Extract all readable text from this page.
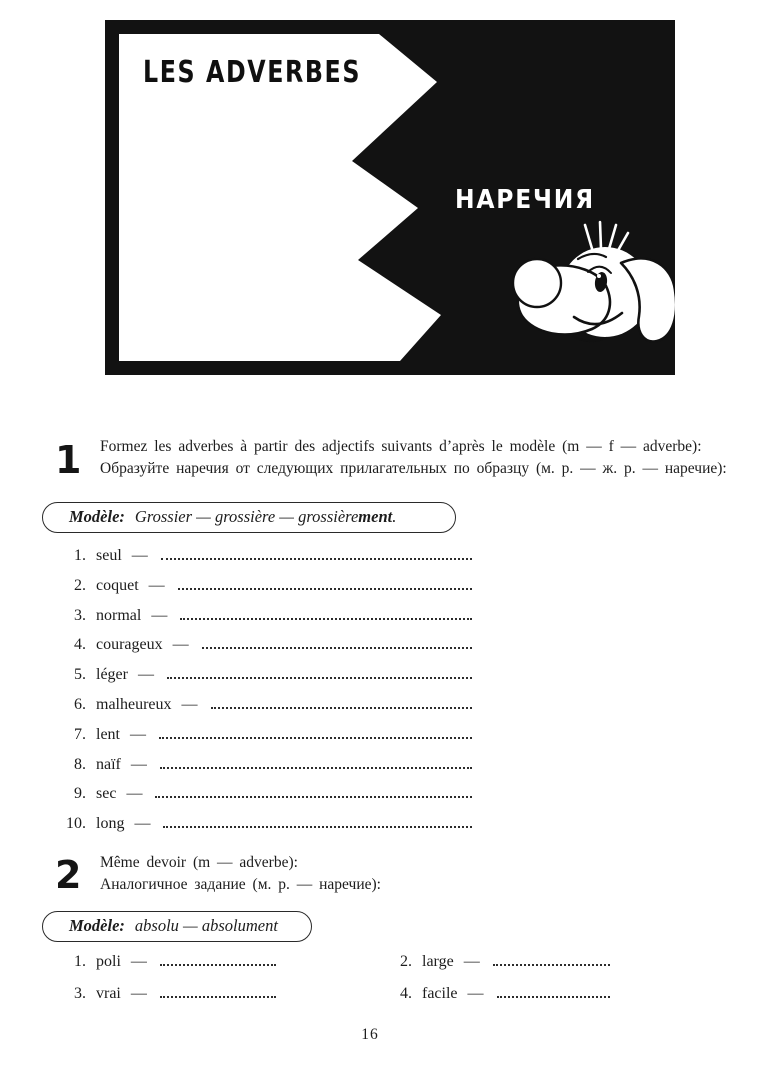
LES ADVERBES
НАРЕЧИЯ
1 Formez les adverbes à partir des adjectifs suivants d’après le modèle (m — f — adverbe):

Образуйте наречия от следующих прилагательных по образцу (м. р. — ж. р. — наречие):

Modèle: Grossier — grossière — grossièrement.
1. seul —
2. coquet —
3. normal —
4. courageux —
5. léger —
6. malheureux —
7. lent —
8. naïf —
9. sec —
10. long —
2 Même devoir (m — adverbe):

Аналогичное задание (м. р. — наречие):

Modèle: absolu — absolument
1. poli —	2. large —
3. vrai —	4. facile —
16
